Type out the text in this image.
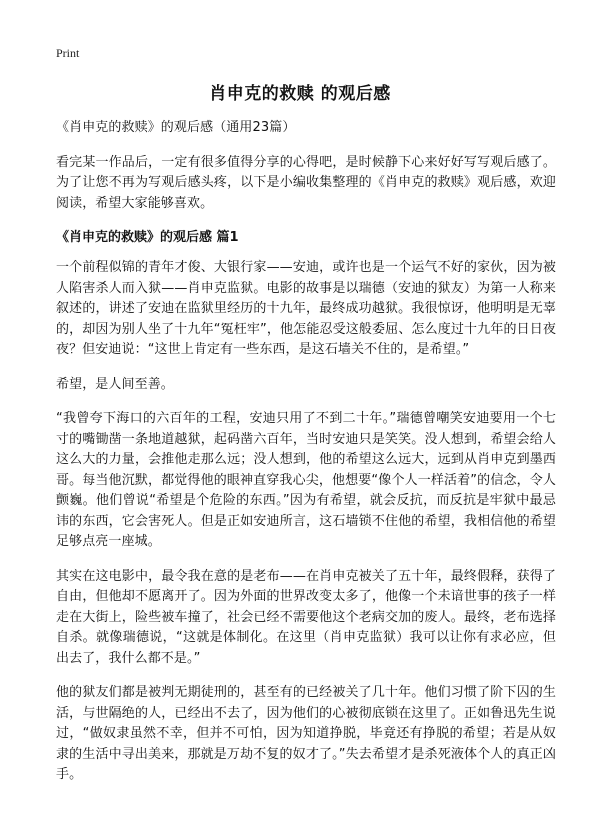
Print
肖申克的救赎 的观后感

《肖申克的救赎》的观后感（通用23篇）

看完某一作品后，一定有很多值得分享的心得吧，是时候静下心来好好写写观后感了。为了让您不再为写观后感头疼，以下是小编收集整理的《肖申克的救赎》观后感，欢迎阅读，希望大家能够喜欢。

《肖申克的救赎》的观后感 篇1

一个前程似锦的青年才俊、大银行家——安迪，或许也是一个运气不好的家伙，因为被人陷害杀人而入狱——肖申克监狱。电影的故事是以瑞德（安迪的狱友）为第一人称来叙述的，讲述了安迪在监狱里经历的十九年，最终成功越狱。我很惊讶，他明明是无辜的，却因为别人坐了十九年“冤枉牢”，他怎能忍受这般委屈、怎么度过十九年的日日夜夜？但安迪说：“这世上肯定有一些东西，是这石墙关不住的，是希望。”

希望，是人间至善。

“我曾夸下海口的六百年的工程，安迪只用了不到二十年。”瑞德曾嘲笑安迪要用一个七寸的嘴锄凿一条地道越狱，起码凿六百年，当时安迪只是笑笑。没人想到，希望会给人这么大的力量，会推他走那么远；没人想到，他的希望这么远大，远到从肖申克到墨西哥。每当他沉默，都觉得他的眼神直穿我心尖，他想要“像个人一样活着”的信念，令人颤巍。他们曾说“希望是个危险的东西。”因为有希望，就会反抗，而反抗是牢狱中最忌讳的东西，它会害死人。但是正如安迪所言，这石墙锁不住他的希望，我相信他的希望足够点亮一座城。

其实在这电影中，最令我在意的是老布——在肖申克被关了五十年，最终假释，获得了自由，但他却不愿离开了。因为外面的世界改变太多了，他像一个未谙世事的孩子一样走在大街上，险些被车撞了，社会已经不需要他这个老病交加的废人。最终，老布选择自杀。就像瑞德说，“这就是体制化。在这里（肖申克监狱）我可以让你有求必应，但出去了，我什么都不是。”

他的狱友们都是被判无期徒刑的，甚至有的已经被关了几十年。他们习惯了阶下囚的生活，与世隔绝的人，已经出不去了，因为他们的心被彻底锁在这里了。正如鲁迅先生说过，“做奴隶虽然不幸，但并不可怕，因为知道挣脱，毕竟还有挣脱的希望；若是从奴隶的生活中寻出美来，那就是万劫不复的奴才了。”失去希望才是杀死液体个人的真正凶手。
